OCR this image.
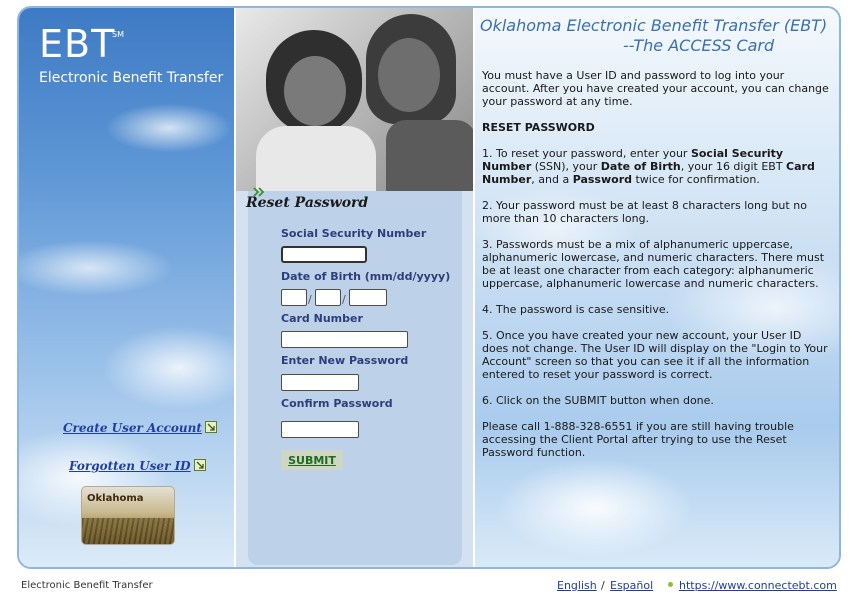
EBT
SM
Electronic Benefit Transfer
Create User Account
Forgotten User ID
Oklahoma
Reset Password
Social Security Number
Date of Birth (mm/dd/yyyy)
/	/
Card Number
Enter New Password
Confirm Password
SUBMIT
Oklahoma Electronic Benefit Transfer (EBT)
--The ACCESS Card
You must have a User ID and password to log into your account. After you have created your account, you can change your password at any time.
RESET PASSWORD
1. To reset your password, enter your Social Security Number (SSN), your Date of Birth, your 16 digit EBT Card Number, and a Password twice for confirmation.
2. Your password must be at least 8 characters long but no more than 10 characters long.
3. Passwords must be a mix of alphanumeric uppercase, alphanumeric lowercase, and numeric characters. There must be at least one character from each category: alphanumeric uppercase, alphanumeric lowercase and numeric characters.
4. The password is case sensitive.
5. Once you have created your new account, your User ID does not change. The User ID will display on the "Login to Your Account" screen so that you can see it if all the information entered to reset your password is correct.
6. Click on the SUBMIT button when done.
Please call 1-888-328-6551 if you are still having trouble accessing the Client Portal after trying to use the Reset Password function.
Electronic Benefit Transfer	English / Español https://www.connectebt.com
